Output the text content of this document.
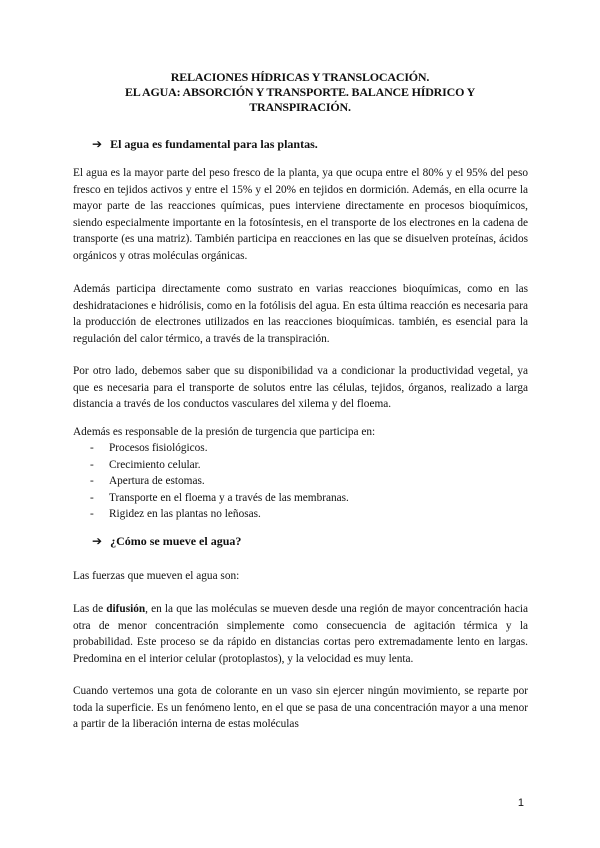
RELACIONES HÍDRICAS Y TRANSLOCACIÓN.
EL AGUA: ABSORCIÓN Y TRANSPORTE. BALANCE HÍDRICO Y
TRANSPIRACIÓN.
➔ El agua es fundamental para las plantas.

El agua es la mayor parte del peso fresco de la planta, ya que ocupa entre el 80% y el 95% del peso fresco en tejidos activos y entre el 15% y el 20% en tejidos en dormición. Además, en ella ocurre la mayor parte de las reacciones químicas, pues interviene directamente en procesos bioquímicos, siendo especialmente importante en la fotosíntesis, en el transporte de los electrones en la cadena de transporte (es una matriz). También participa en reacciones en las que se disuelven proteínas, ácidos orgánicos y otras moléculas orgánicas.

Además participa directamente como sustrato en varias reacciones bioquímicas, como en las deshidrataciones e hidrólisis, como en la fotólisis del agua. En esta última reacción es necesaria para la producción de electrones utilizados en las reacciones bioquímicas. también, es esencial para la regulación del calor térmico, a través de la transpiración.

Por otro lado, debemos saber que su disponibilidad va a condicionar la productividad vegetal, ya que es necesaria para el transporte de solutos entre las células, tejidos, órganos, realizado a larga distancia a través de los conductos vasculares del xilema y del floema.

Además es responsable de la presión de turgencia que participa en:

- Procesos fisiológicos.
- Crecimiento celular.
- Apertura de estomas.
- Transporte en el floema y a través de las membranas.
- Rigidez en las plantas no leñosas.
➔ ¿Cómo se mueve el agua?

Las fuerzas que mueven el agua son:

Las de difusión, en la que las moléculas se mueven desde una región de mayor concentración hacia otra de menor concentración simplemente como consecuencia de agitación térmica y la probabilidad. Este proceso se da rápido en distancias cortas pero extremadamente lento en largas. Predomina en el interior celular (protoplastos), y la velocidad es muy lenta.

Cuando vertemos una gota de colorante en un vaso sin ejercer ningún movimiento, se reparte por toda la superficie. Es un fenómeno lento, en el que se pasa de una concentración mayor a una menor a partir de la liberación interna de estas moléculas

1
